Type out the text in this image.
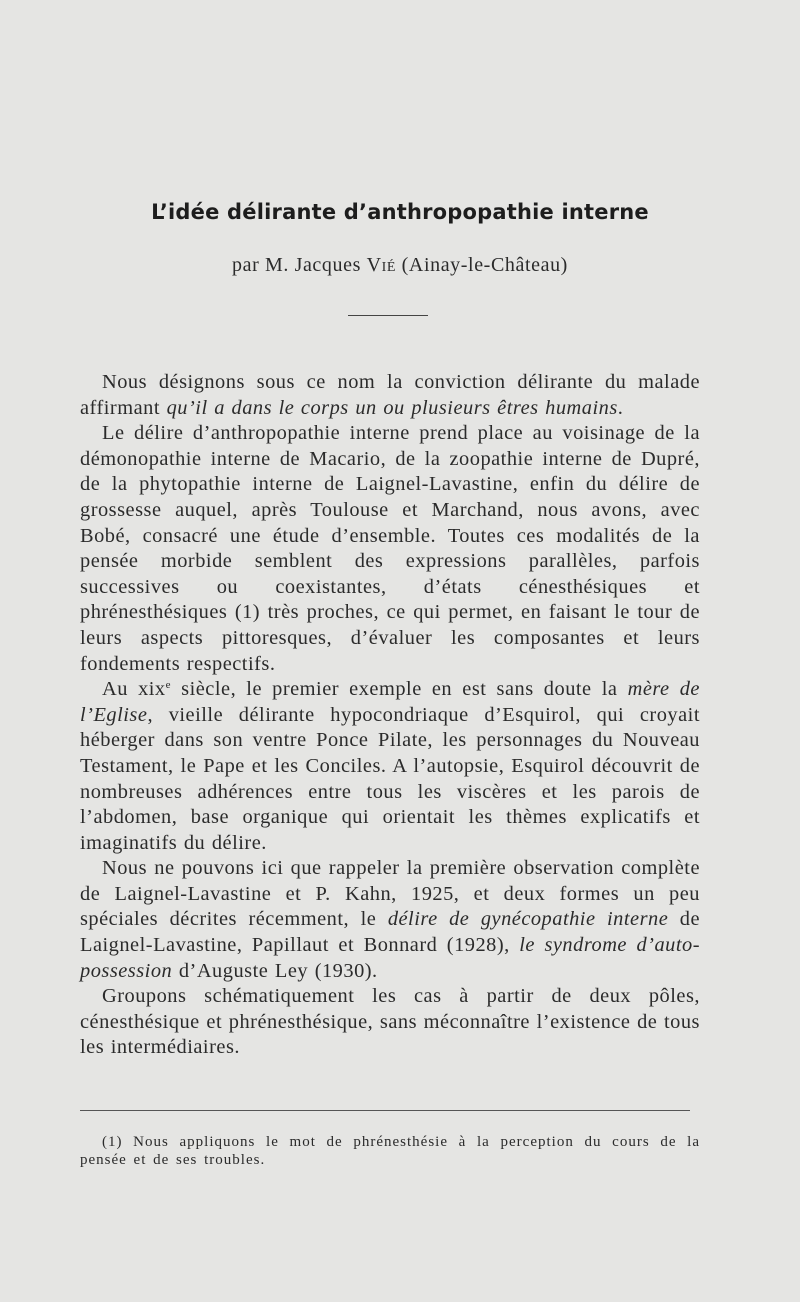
L’idée délirante d’anthropopathie interne
par M. Jacques Vié (Ainay-le-Château)

Nous désignons sous ce nom la conviction délirante du malade affirmant qu’il a dans le corps un ou plusieurs êtres humains.

Le délire d’anthropopathie interne prend place au voisinage de la démonopathie interne de Macario, de la zoopathie interne de Dupré, de la phytopathie interne de Laignel-Lavastine, enfin du délire de grossesse auquel, après Toulouse et Marchand, nous avons, avec Bobé, consacré une étude d’ensemble. Toutes ces modalités de la pensée morbide semblent des expressions parallèles, parfois successives ou coexistantes, d’états cénesthésiques et phrénesthésiques (1) très proches, ce qui permet, en faisant le tour de leurs aspects pittoresques, d’évaluer les composantes et leurs fondements respectifs.

Au xix$^e$ siècle, le premier exemple en est sans doute la mère de l’Eglise, vieille délirante hypocondriaque d’Esquirol, qui croyait héberger dans son ventre Ponce Pilate, les personnages du Nouveau Testament, le Pape et les Conciles. A l’autopsie, Esquirol découvrit de nombreuses adhérences entre tous les viscères et les parois de l’abdomen, base organique qui orientait les thèmes explicatifs et imaginatifs du délire.

Nous ne pouvons ici que rappeler la première observation complète de Laignel-Lavastine et P. Kahn, 1925, et deux formes un peu spéciales décrites récemment, le délire de gynécopathie interne de Laignel-Lavastine, Papillaut et Bonnard (1928), le syndrome d’auto-possession d’Auguste Ley (1930).

Groupons schématiquement les cas à partir de deux pôles, cénesthésique et phrénesthésique, sans méconnaître l’existence de tous les intermédiaires.

(1) Nous appliquons le mot de phrénesthésie à la perception du cours de la pensée et de ses troubles.
